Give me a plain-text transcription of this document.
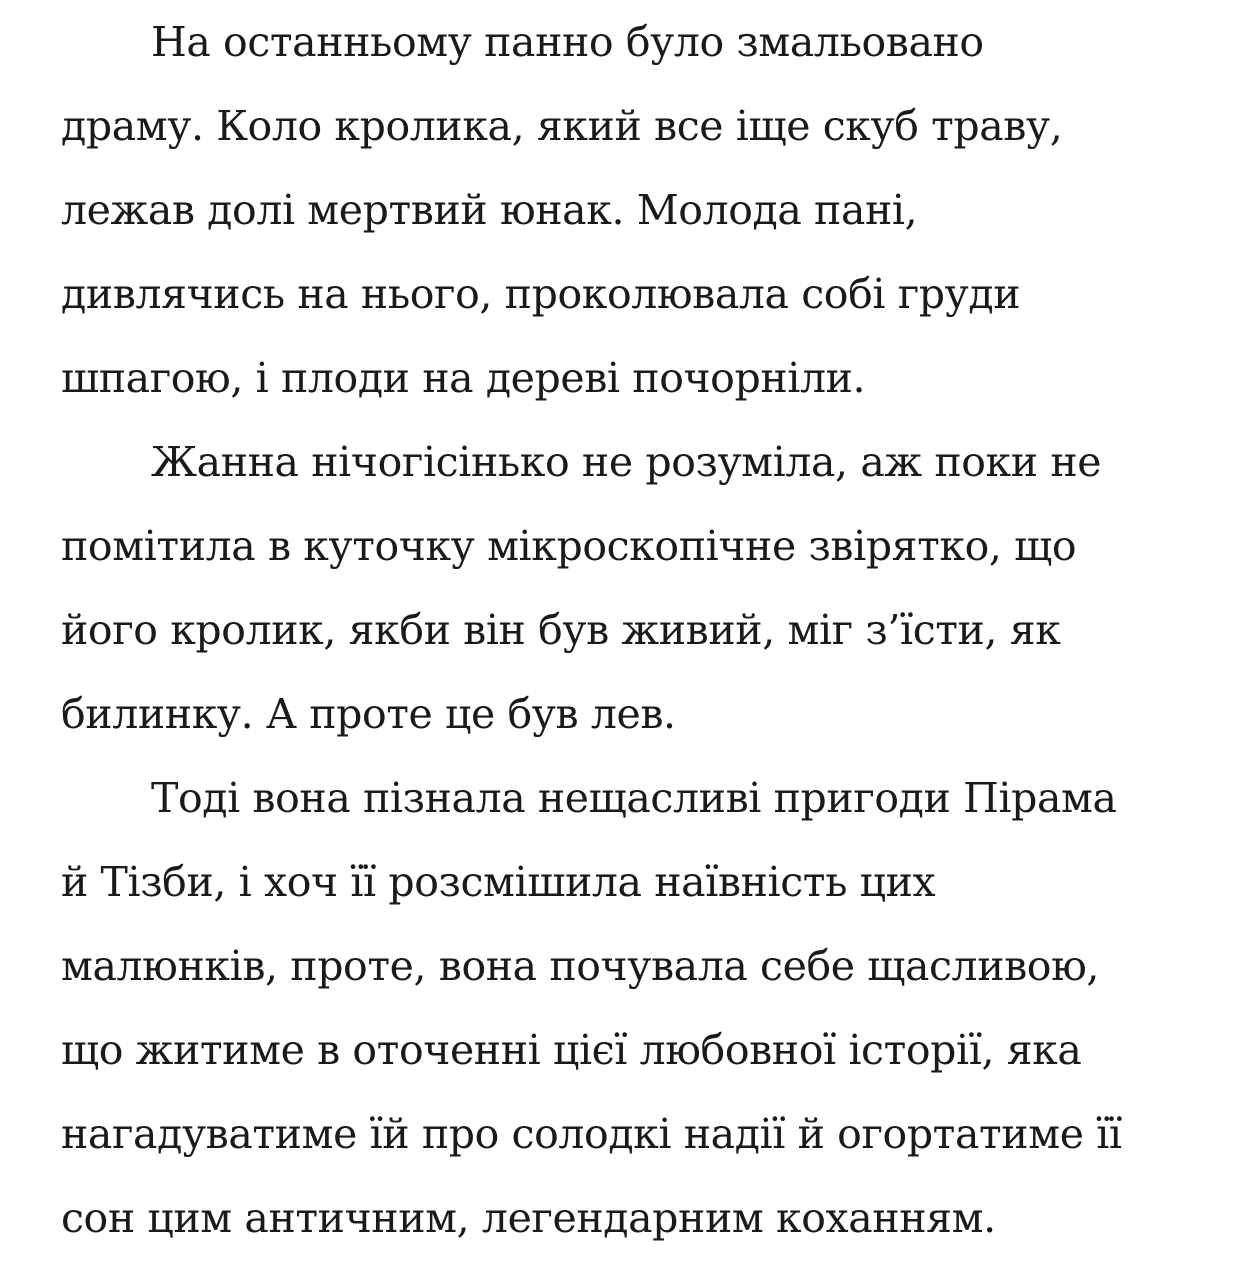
На останньому панно було змальовано
драму. Коло кролика, який все іще скуб траву,
лежав долі мертвий юнак. Молода пані,
дивлячись на нього, проколювала собі груди
шпагою, і плоди на дереві почорніли.
Жанна нічогісінько не розуміла, аж поки не
помітила в куточку мікроскопічне звірятко, що
його кролик, якби він був живий, міг з’їсти, як
билинку. А проте це був лев.
Тоді вона пізнала нещасливі пригоди Пірама
й Тізби, і хоч її розсмішила наївність цих
малюнків, проте, вона почувала себе щасливою,
що житиме в оточенні цієї любовної історії, яка
нагадуватиме їй про солодкі надії й огортатиме її
сон цим античним, легендарним коханням.
